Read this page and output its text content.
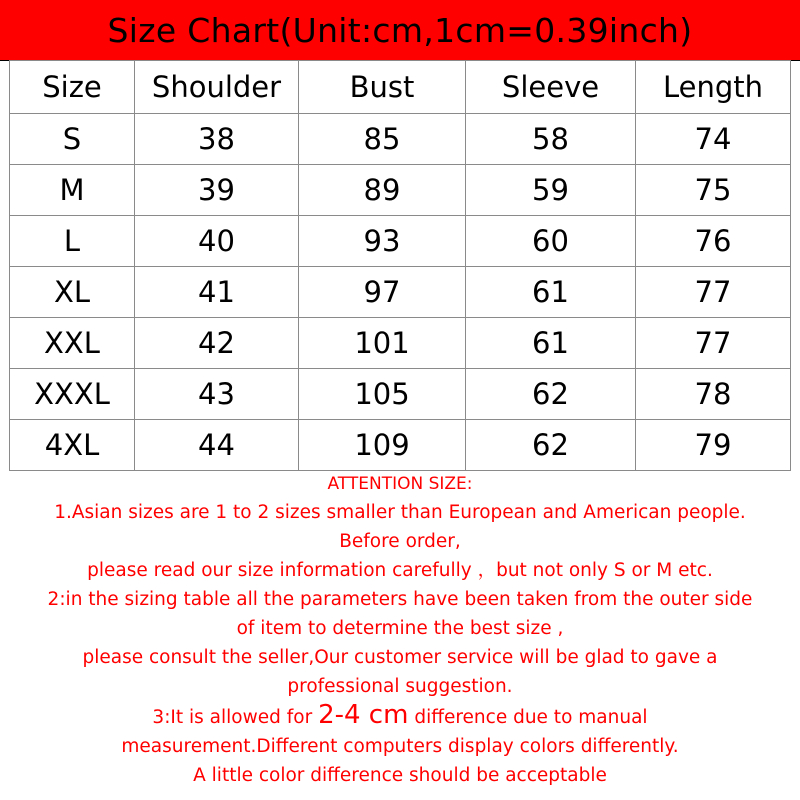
Size Chart(Unit:cm,1cm=0.39inch)
Size	Shoulder	Bust	Sleeve	Length
S	38	85	58	74
M	39	89	59	75
L	40	93	60	76
XL	41	97	61	77
XXL	42	101	61	77
XXXL	43	105	62	78
4XL	44	109	62	79
ATTENTION SIZE:
1.Asian sizes are 1 to 2 sizes smaller than European and American people.
Before order,
please read our size information carefully ，but not only S or M etc.
2:in the sizing table all the parameters have been taken from the outer side
of item to determine the best size ,
please consult the seller,Our customer service will be glad to gave a
professional suggestion.
3:It is allowed for 2-4 cm difference due to manual
measurement.Different computers display colors differently.
A little color difference should be acceptable
